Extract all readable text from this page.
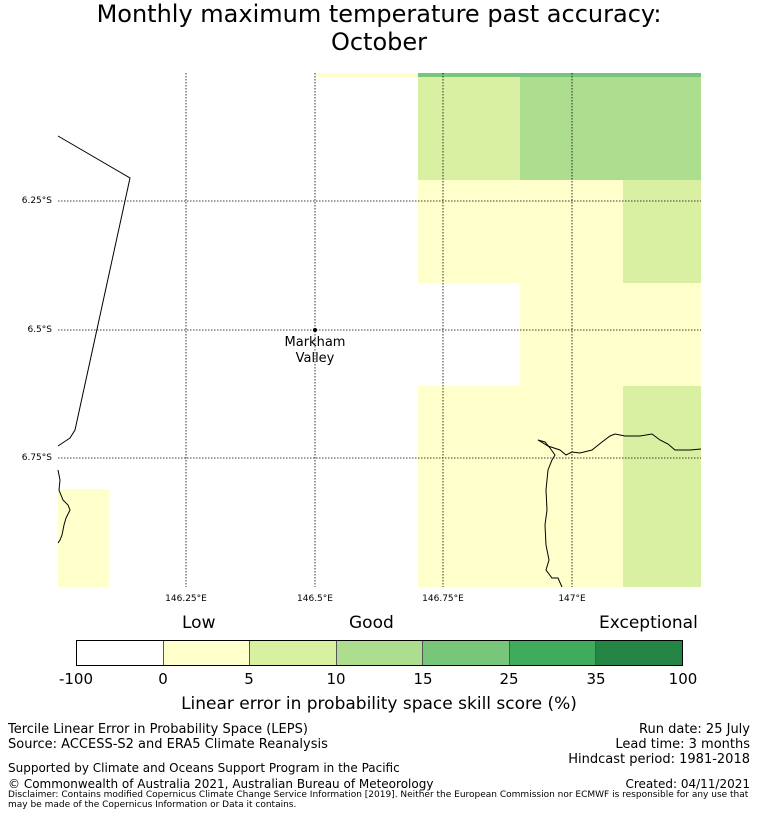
Monthly maximum temperature past accuracy:
October
6.25°S
6.5°S
6.75°S
146.25°E	146.5°E	146.75°E	147°E
Markham
Valley
Low	Good	Exceptional
-100	0	5	10	15	25	35	100
Linear error in probability space skill score (%)
Tercile Linear Error in Probability Space (LEPS)
Source: ACCESS-S2 and ERA5 Climate Reanalysis
Run date: 25 July
Lead time: 3 months
Hindcast period: 1981-2018
Supported by Climate and Oceans Support Program in the Pacific
© Commonwealth of Australia 2021, Australian Bureau of Meteorology	Created: 04/11/2021
Disclaimer: Contains modified Copernicus Climate Change Service Information [2019]. Neither the European Commission nor ECMWF is responsible for any use that may be made of the Copernicus Information or Data it contains.
